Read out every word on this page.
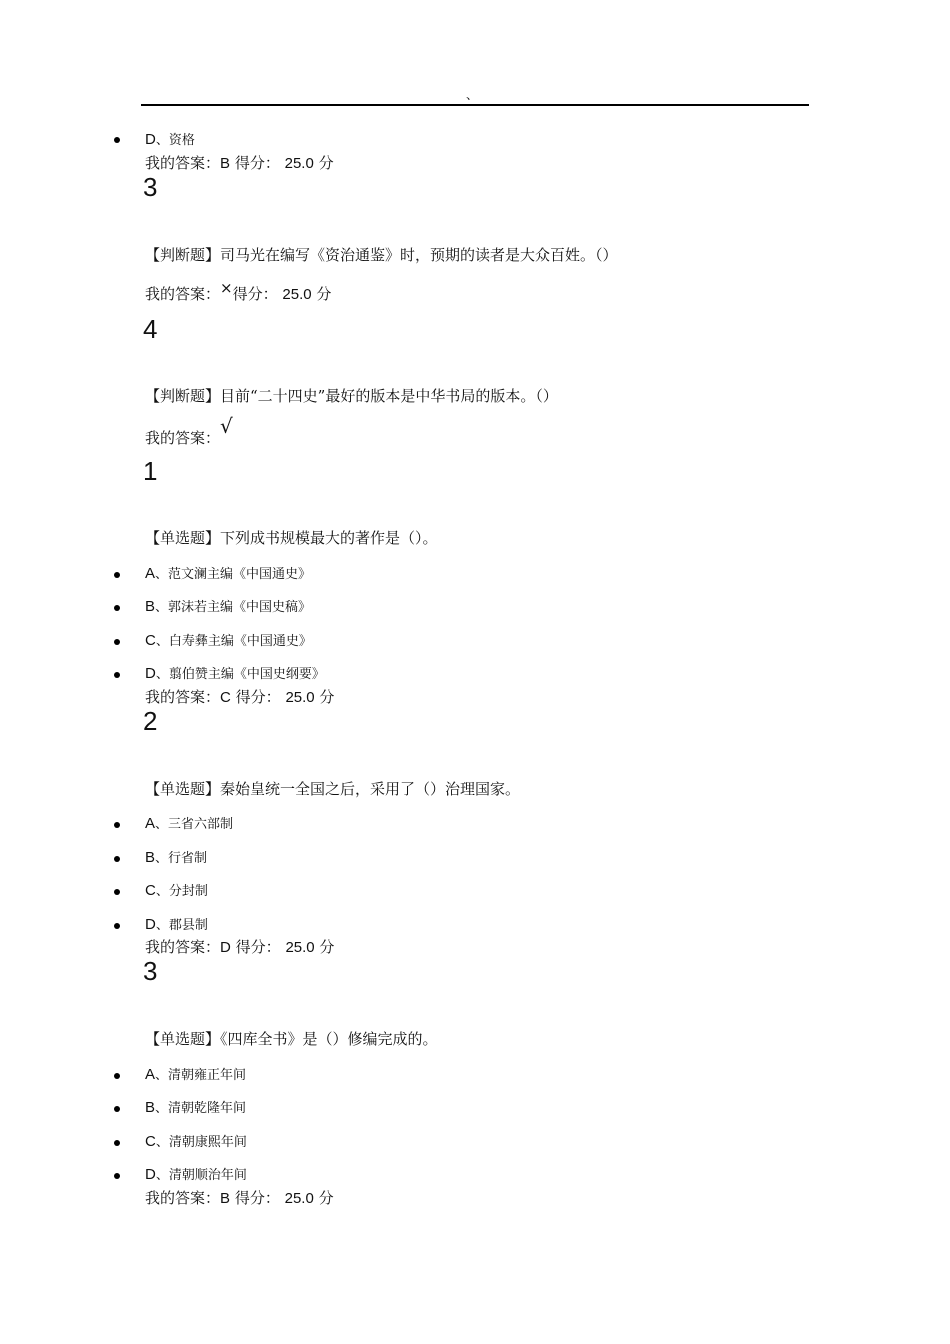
、
D、资格
我的答案：B 得分： 25.0 分
3
【判断题】司马光在编写《资治通鉴》时，预期的读者是大众百姓。（）
我的答案：×得分： 25.0 分
4
【判断题】目前“二十四史”最好的版本是中华书局的版本。（）
我的答案：√
1
【单选题】下列成书规模最大的著作是（）。
A、范文澜主编《中国通史》
B、郭沫若主编《中国史稿》
C、白寿彝主编《中国通史》
D、翦伯赞主编《中国史纲要》
我的答案：C 得分： 25.0 分
2
【单选题】秦始皇统一全国之后，采用了（）治理国家。
A、三省六部制
B、行省制
C、分封制
D、郡县制
我的答案：D 得分： 25.0 分
3
【单选题】《四库全书》是（）修编完成的。
A、清朝雍正年间
B、清朝乾隆年间
C、清朝康熙年间
D、清朝顺治年间
我的答案：B 得分： 25.0 分
